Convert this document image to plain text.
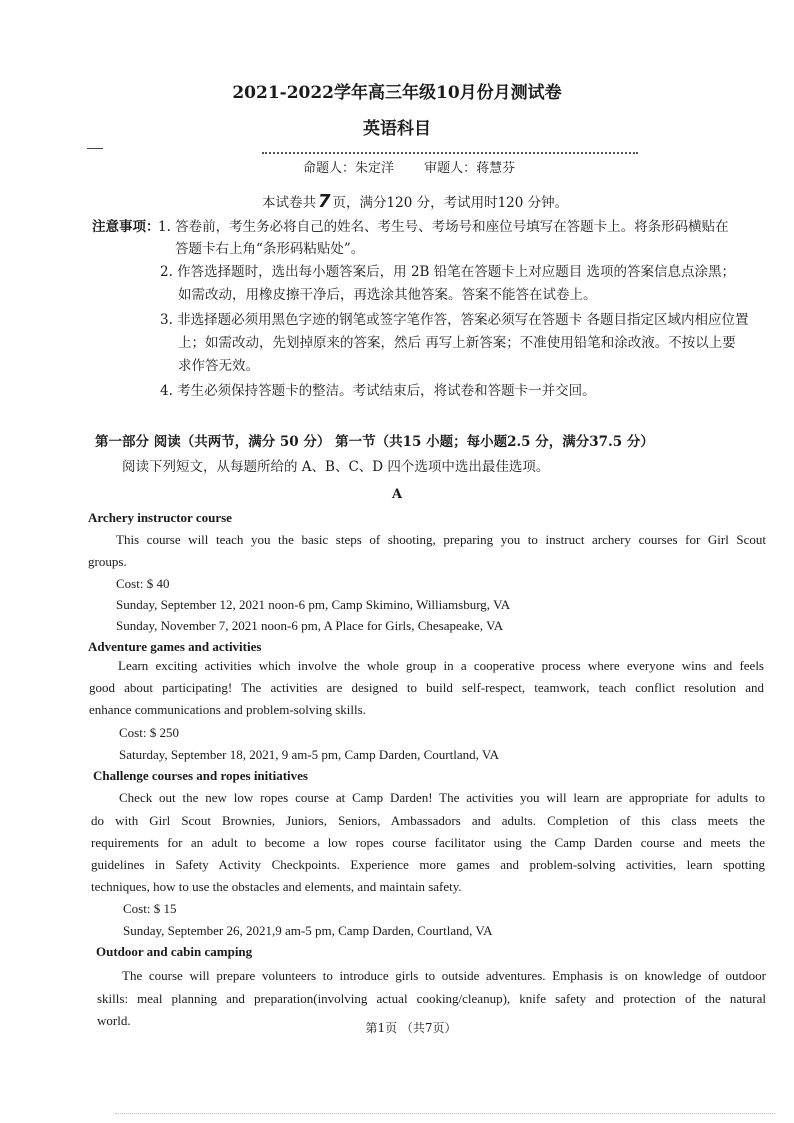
2021-2022学年高三年级10月份月测试卷
英语科目
命题人：朱定洋 审题人：蒋慧芬
本试卷共 7 页，满分120 分，考试用时120 分钟。
注意事项：
1. 答卷前，考生务必将自己的姓名、考生号、考场号和座位号填写在答题卡上。将条形码横贴在
答题卡右上角“条形码粘贴处”。
2. 作答选择题时，选出每小题答案后，用 2B 铅笔在答题卡上对应题目 选项的答案信息点涂黑；
如需改动，用橡皮擦干净后，再选涂其他答案。答案不能答在试卷上。
3. 非选择题必须用黑色字迹的钢笔或签字笔作答，答案必须写在答题卡 各题目指定区域内相应位置
上；如需改动，先划掉原来的答案，然后 再写上新答案；不准使用铅笔和涂改液。不按以上要
求作答无效。
4. 考生必须保持答题卡的整洁。考试结束后，将试卷和答题卡一并交回。
第一部分 阅读（共两节，满分 50 分） 第一节（共15 小题；每小题2.5 分，满分37.5 分）
阅读下列短文，从每题所给的 A、B、C、D 四个选项中选出最佳选项。
A
Archery instructor course
This course will teach you the basic steps of shooting, preparing you to instruct archery courses for Girl Scout
groups.
Cost: $ 40
Sunday, September 12, 2021 noon-6 pm, Camp Skimino, Williamsburg, VA
Sunday, November 7, 2021 noon-6 pm, A Place for Girls, Chesapeake, VA
Adventure games and activities
Learn exciting activities which involve the whole group in a cooperative process where everyone wins and feels
good about participating! The activities are designed to build self-respect, teamwork, teach conflict resolution and
enhance communications and problem-solving skills.
Cost: $ 250
Saturday, September 18, 2021, 9 am-5 pm, Camp Darden, Courtland, VA
Challenge courses and ropes initiatives
Check out the new low ropes course at Camp Darden! The activities you will learn are appropriate for adults to
do with Girl Scout Brownies, Juniors, Seniors, Ambassadors and adults. Completion of this class meets the
requirements for an adult to become a low ropes course facilitator using the Camp Darden course and meets the
guidelines in Safety Activity Checkpoints. Experience more games and problem-solving activities, learn spotting
techniques, how to use the obstacles and elements, and maintain safety.
Cost: $ 15
Sunday, September 26, 2021,9 am-5 pm, Camp Darden, Courtland, VA
Outdoor and cabin camping
The course will prepare volunteers to introduce girls to outside adventures. Emphasis is on knowledge of outdoor
skills: meal planning and preparation(involving actual cooking/cleanup), knife safety and protection of the natural
world.	第1页 （共7页）
